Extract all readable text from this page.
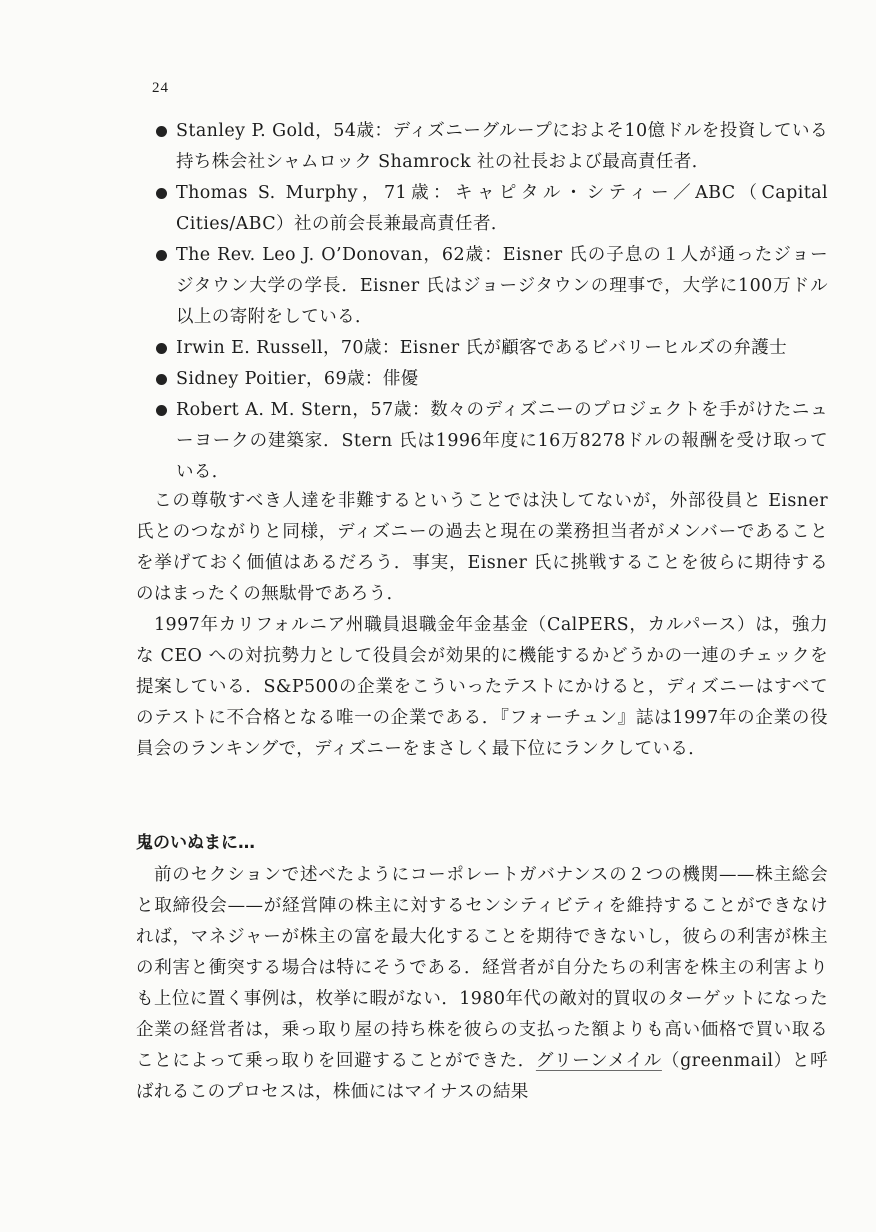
24
Stanley P. Gold，54歳：ディズニーグループにおよそ10億ドルを投資している持ち株会社シャムロック Shamrock 社の社長および最高責任者．
Thomas S. Murphy，71歳：キャピタル・シティー／ABC（Capital Cities/ABC）社の前会長兼最高責任者．
The Rev. Leo J. O’Donovan，62歳：Eisner 氏の子息の１人が通ったジョージタウン大学の学長．Eisner 氏はジョージタウンの理事で，大学に100万ドル以上の寄附をしている．
Irwin E. Russell，70歳：Eisner 氏が顧客であるビバリーヒルズの弁護士
Sidney Poitier，69歳：俳優
Robert A. M. Stern，57歳：数々のディズニーのプロジェクトを手がけたニューヨークの建築家．Stern 氏は1996年度に16万8278ドルの報酬を受け取っている．

この尊敬すべき人達を非難するということでは決してないが，外部役員と Eisner 氏とのつながりと同様，ディズニーの過去と現在の業務担当者がメンバーであることを挙げておく価値はあるだろう．事実，Eisner 氏に挑戦することを彼らに期待するのはまったくの無駄骨であろう．

1997年カリフォルニア州職員退職金年金基金（CalPERS，カルパース）は，強力な CEO への対抗勢力として役員会が効果的に機能するかどうかの一連のチェックを提案している．S&P500の企業をこういったテストにかけると，ディズニーはすべてのテストに不合格となる唯一の企業である．『フォーチュン』誌は1997年の企業の役員会のランキングで，ディズニーをまさしく最下位にランクしている．

鬼のいぬまに…

前のセクションで述べたようにコーポレートガバナンスの２つの機関——株主総会と取締役会——が経営陣の株主に対するセンシティビティを維持することができなければ，マネジャーが株主の富を最大化することを期待できないし，彼らの利害が株主の利害と衝突する場合は特にそうである．経営者が自分たちの利害を株主の利害よりも上位に置く事例は，枚挙に暇がない．1980年代の敵対的買収のターゲットになった企業の経営者は，乗っ取り屋の持ち株を彼らの支払った額よりも高い価格で買い取ることによって乗っ取りを回避することができた．グリーンメイル（greenmail）と呼ばれるこのプロセスは，株価にはマイナスの結果
